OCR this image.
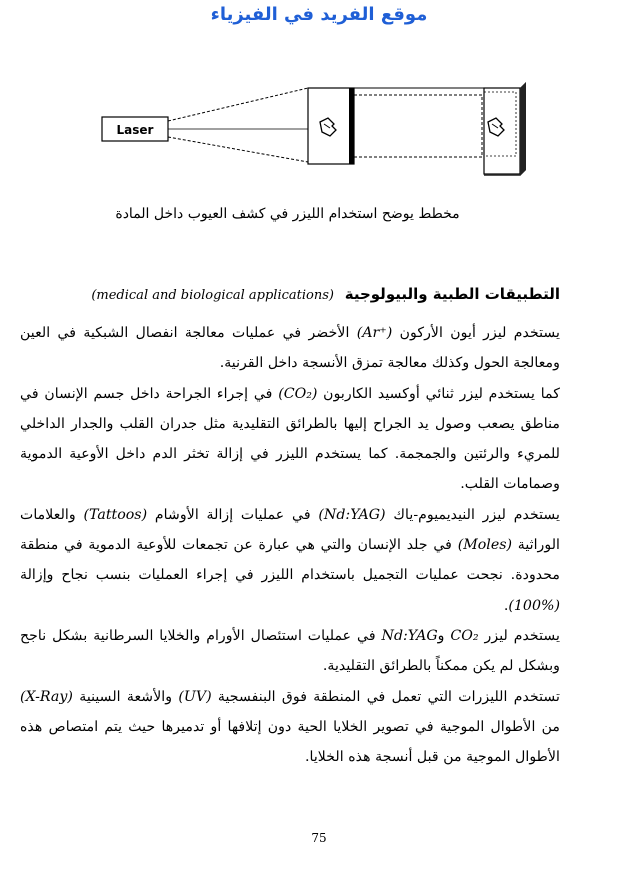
موقع الفريد في الفيزياء
Laser
مخطط يوضح استخدام الليزر في كشف العيوب داخل المادة
التطبيقات الطبية والبيولوجية (medical and biological applications)

يستخدم ليزر أيون الأركون (Ar⁺) الأخضر في عمليات معالجة انفصال الشبكية في العين ومعالجة الحول وكذلك معالجة تمزق الأنسجة داخل القرنية.

كما يستخدم ليزر ثنائي أوكسيد الكاربون (CO₂) في إجراء الجراحة داخل جسم الإنسان في مناطق يصعب وصول يد الجراح إليها بالطرائق التقليدية مثل جدران القلب والجدار الداخلي للمريء والرئتين والجمجمة. كما يستخدم الليزر في إزالة تخثر الدم داخل الأوعية الدموية وصمامات القلب.

يستخدم ليزر النيديميوم-ياك (Nd:YAG) في عمليات إزالة الأوشام (Tattoos) والعلامات الوراثية (Moles) في جلد الإنسان والتي هي عبارة عن تجمعات للأوعية الدموية في منطقة محدودة. نجحت عمليات التجميل باستخدام الليزر في إجراء العمليات بنسب نجاح وإزالة (100%).

يستخدم ليزر CO₂ وNd:YAG في عمليات استئصال الأورام والخلايا السرطانية بشكل ناجح وبشكل لم يكن ممكناً بالطرائق التقليدية.

تستخدم الليزرات التي تعمل في المنطقة فوق البنفسجية (UV) والأشعة السينية (X-Ray) من الأطوال الموجية في تصوير الخلايا الحية دون إتلافها أو تدميرها حيث يتم امتصاص هذه الأطوال الموجية من قبل أنسجة هذه الخلايا.

75
